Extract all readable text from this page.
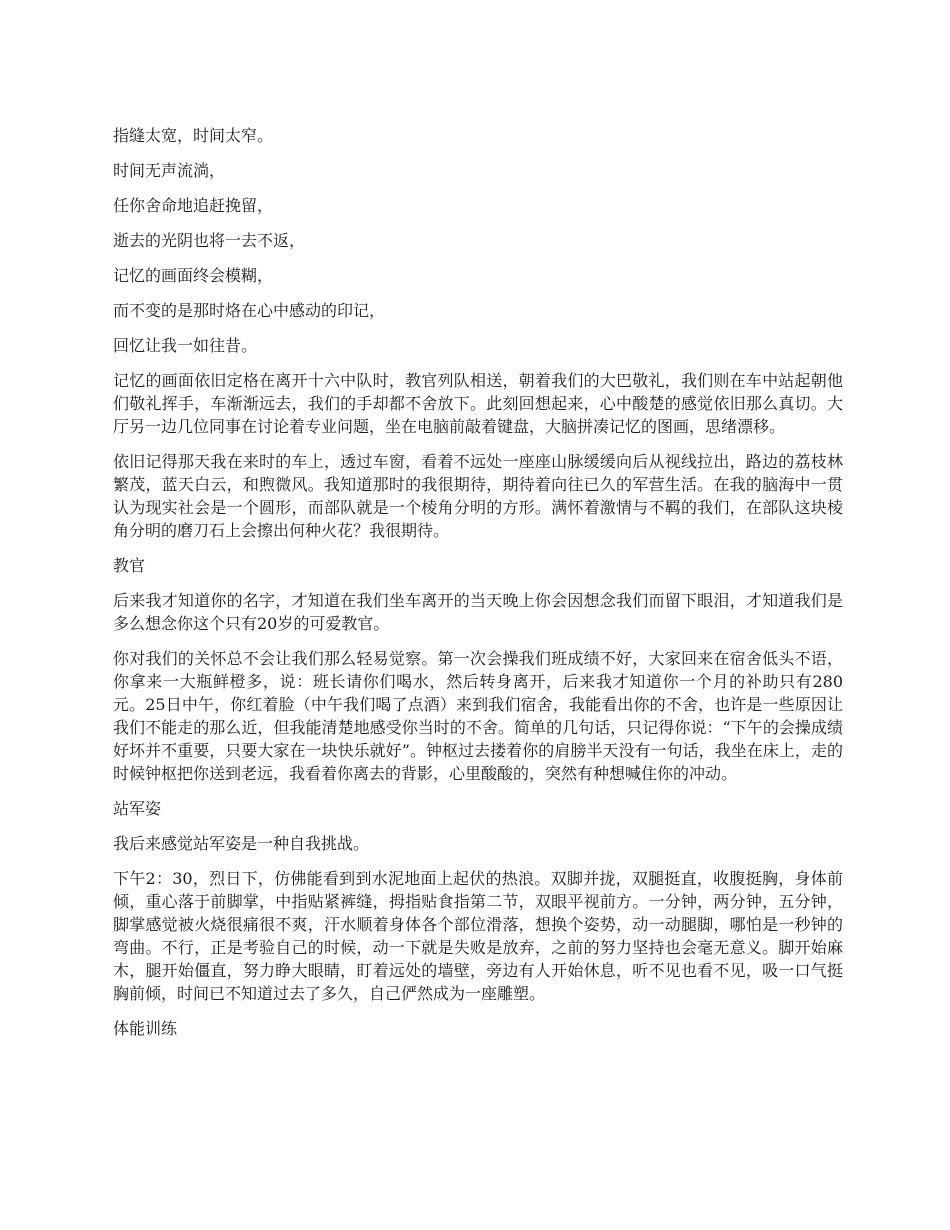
指缝太宽，时间太窄。

时间无声流淌，

任你舍命地追赶挽留，

逝去的光阴也将一去不返，

记忆的画面终会模糊，

而不变的是那时烙在心中感动的印记，

回忆让我一如往昔。

记忆的画面依旧定格在离开十六中队时，教官列队相送，朝着我们的大巴敬礼，我们则在车中站起朝他们敬礼挥手，车渐渐远去，我们的手却都不舍放下。此刻回想起来，心中酸楚的感觉依旧那么真切。大厅另一边几位同事在讨论着专业问题，坐在电脑前敲着键盘，大脑拼凑记忆的图画，思绪漂移。

依旧记得那天我在来时的车上，透过车窗，看着不远处一座座山脉缓缓向后从视线拉出，路边的荔枝林繁茂，蓝天白云，和煦微风。我知道那时的我很期待，期待着向往已久的军营生活。在我的脑海中一贯认为现实社会是一个圆形，而部队就是一个棱角分明的方形。满怀着激情与不羁的我们，在部队这块棱角分明的磨刀石上会擦出何种火花？我很期待。

教官

后来我才知道你的名字，才知道在我们坐车离开的当天晚上你会因想念我们而留下眼泪，才知道我们是多么想念你这个只有20岁的可爱教官。

你对我们的关怀总不会让我们那么轻易觉察。第一次会操我们班成绩不好，大家回来在宿舍低头不语，你拿来一大瓶鲜橙多，说：班长请你们喝水，然后转身离开，后来我才知道你一个月的补助只有280元。25日中午，你红着脸（中午我们喝了点酒）来到我们宿舍，我能看出你的不舍，也许是一些原因让我们不能走的那么近，但我能清楚地感受你当时的不舍。简单的几句话，只记得你说：“下午的会操成绩好坏并不重要，只要大家在一块快乐就好”。钟枢过去搂着你的肩膀半天没有一句话，我坐在床上，走的时候钟枢把你送到老远，我看着你离去的背影，心里酸酸的，突然有种想喊住你的冲动。

站军姿

我后来感觉站军姿是一种自我挑战。

下午2：30，烈日下，仿佛能看到到水泥地面上起伏的热浪。双脚并拢，双腿挺直，收腹挺胸，身体前倾，重心落于前脚掌，中指贴紧裤缝，拇指贴食指第二节，双眼平视前方。一分钟，两分钟，五分钟，脚掌感觉被火烧很痛很不爽，汗水顺着身体各个部位滑落，想换个姿势，动一动腿脚，哪怕是一秒钟的弯曲。不行，正是考验自己的时候，动一下就是失败是放弃，之前的努力坚持也会毫无意义。脚开始麻木，腿开始僵直，努力睁大眼睛，盯着远处的墙壁，旁边有人开始休息，听不见也看不见，吸一口气挺胸前倾，时间已不知道过去了多久，自己俨然成为一座雕塑。

体能训练
